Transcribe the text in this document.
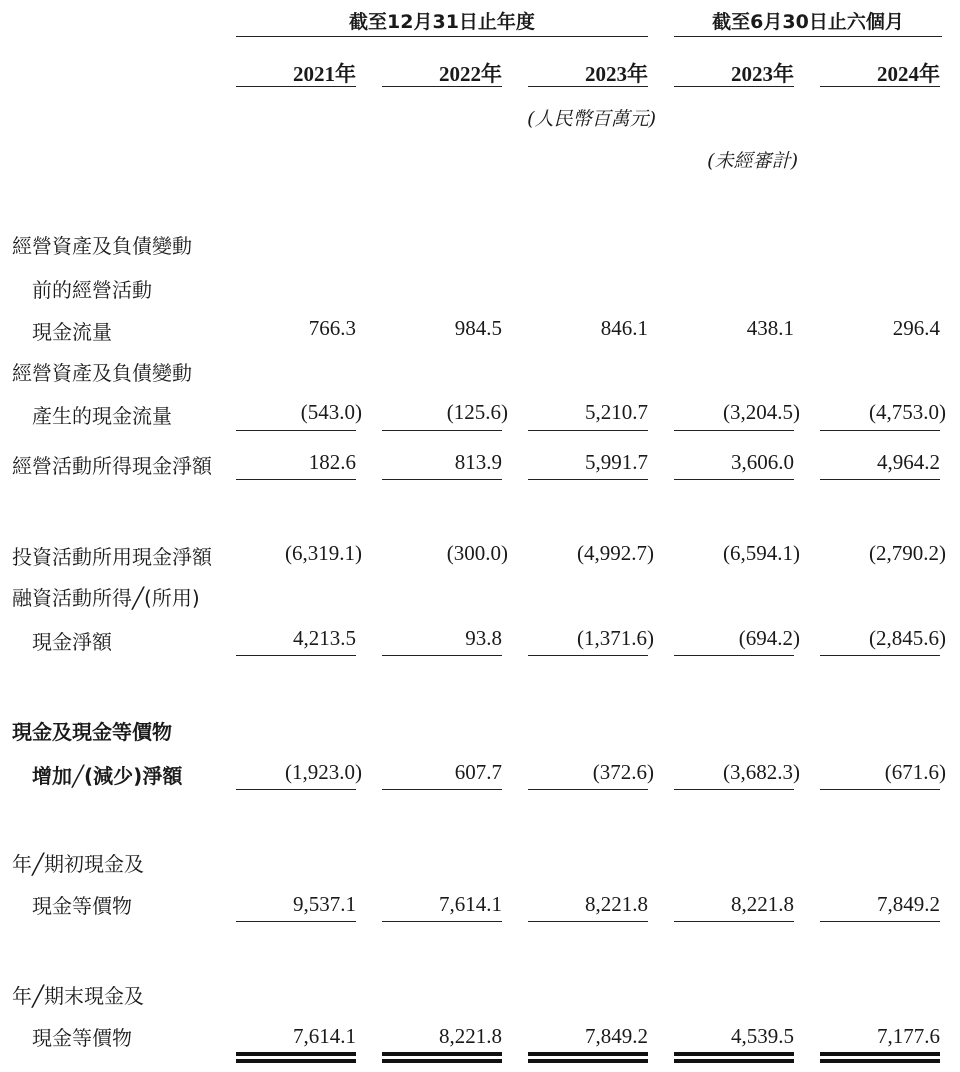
截至12月31日止年度	截至6月30日止六個月
2021年	2022年	2023年	2023年	2024年
(人民幣百萬元)
(未經審計)
經營資產及負債變動
前的經營活動
現金流量	766.3	984.5	846.1	438.1	296.4
經營資產及負債變動
產生的現金流量	(543.0)	(125.6)	5,210.7	(3,204.5)	(4,753.0)
經營活動所得現金淨額	182.6	813.9	5,991.7	3,606.0	4,964.2
投資活動所用現金淨額	(6,319.1)	(300.0)	(4,992.7)	(6,594.1)	(2,790.2)
融資活動所得╱(所用)
現金淨額	4,213.5	93.8	(1,371.6)	(694.2)	(2,845.6)
現金及現金等價物
增加╱(減少)淨額	(1,923.0)	607.7	(372.6)	(3,682.3)	(671.6)
年╱期初現金及
現金等價物	9,537.1	7,614.1	8,221.8	8,221.8	7,849.2
年╱期末現金及
現金等價物	7,614.1	8,221.8	7,849.2	4,539.5	7,177.6
